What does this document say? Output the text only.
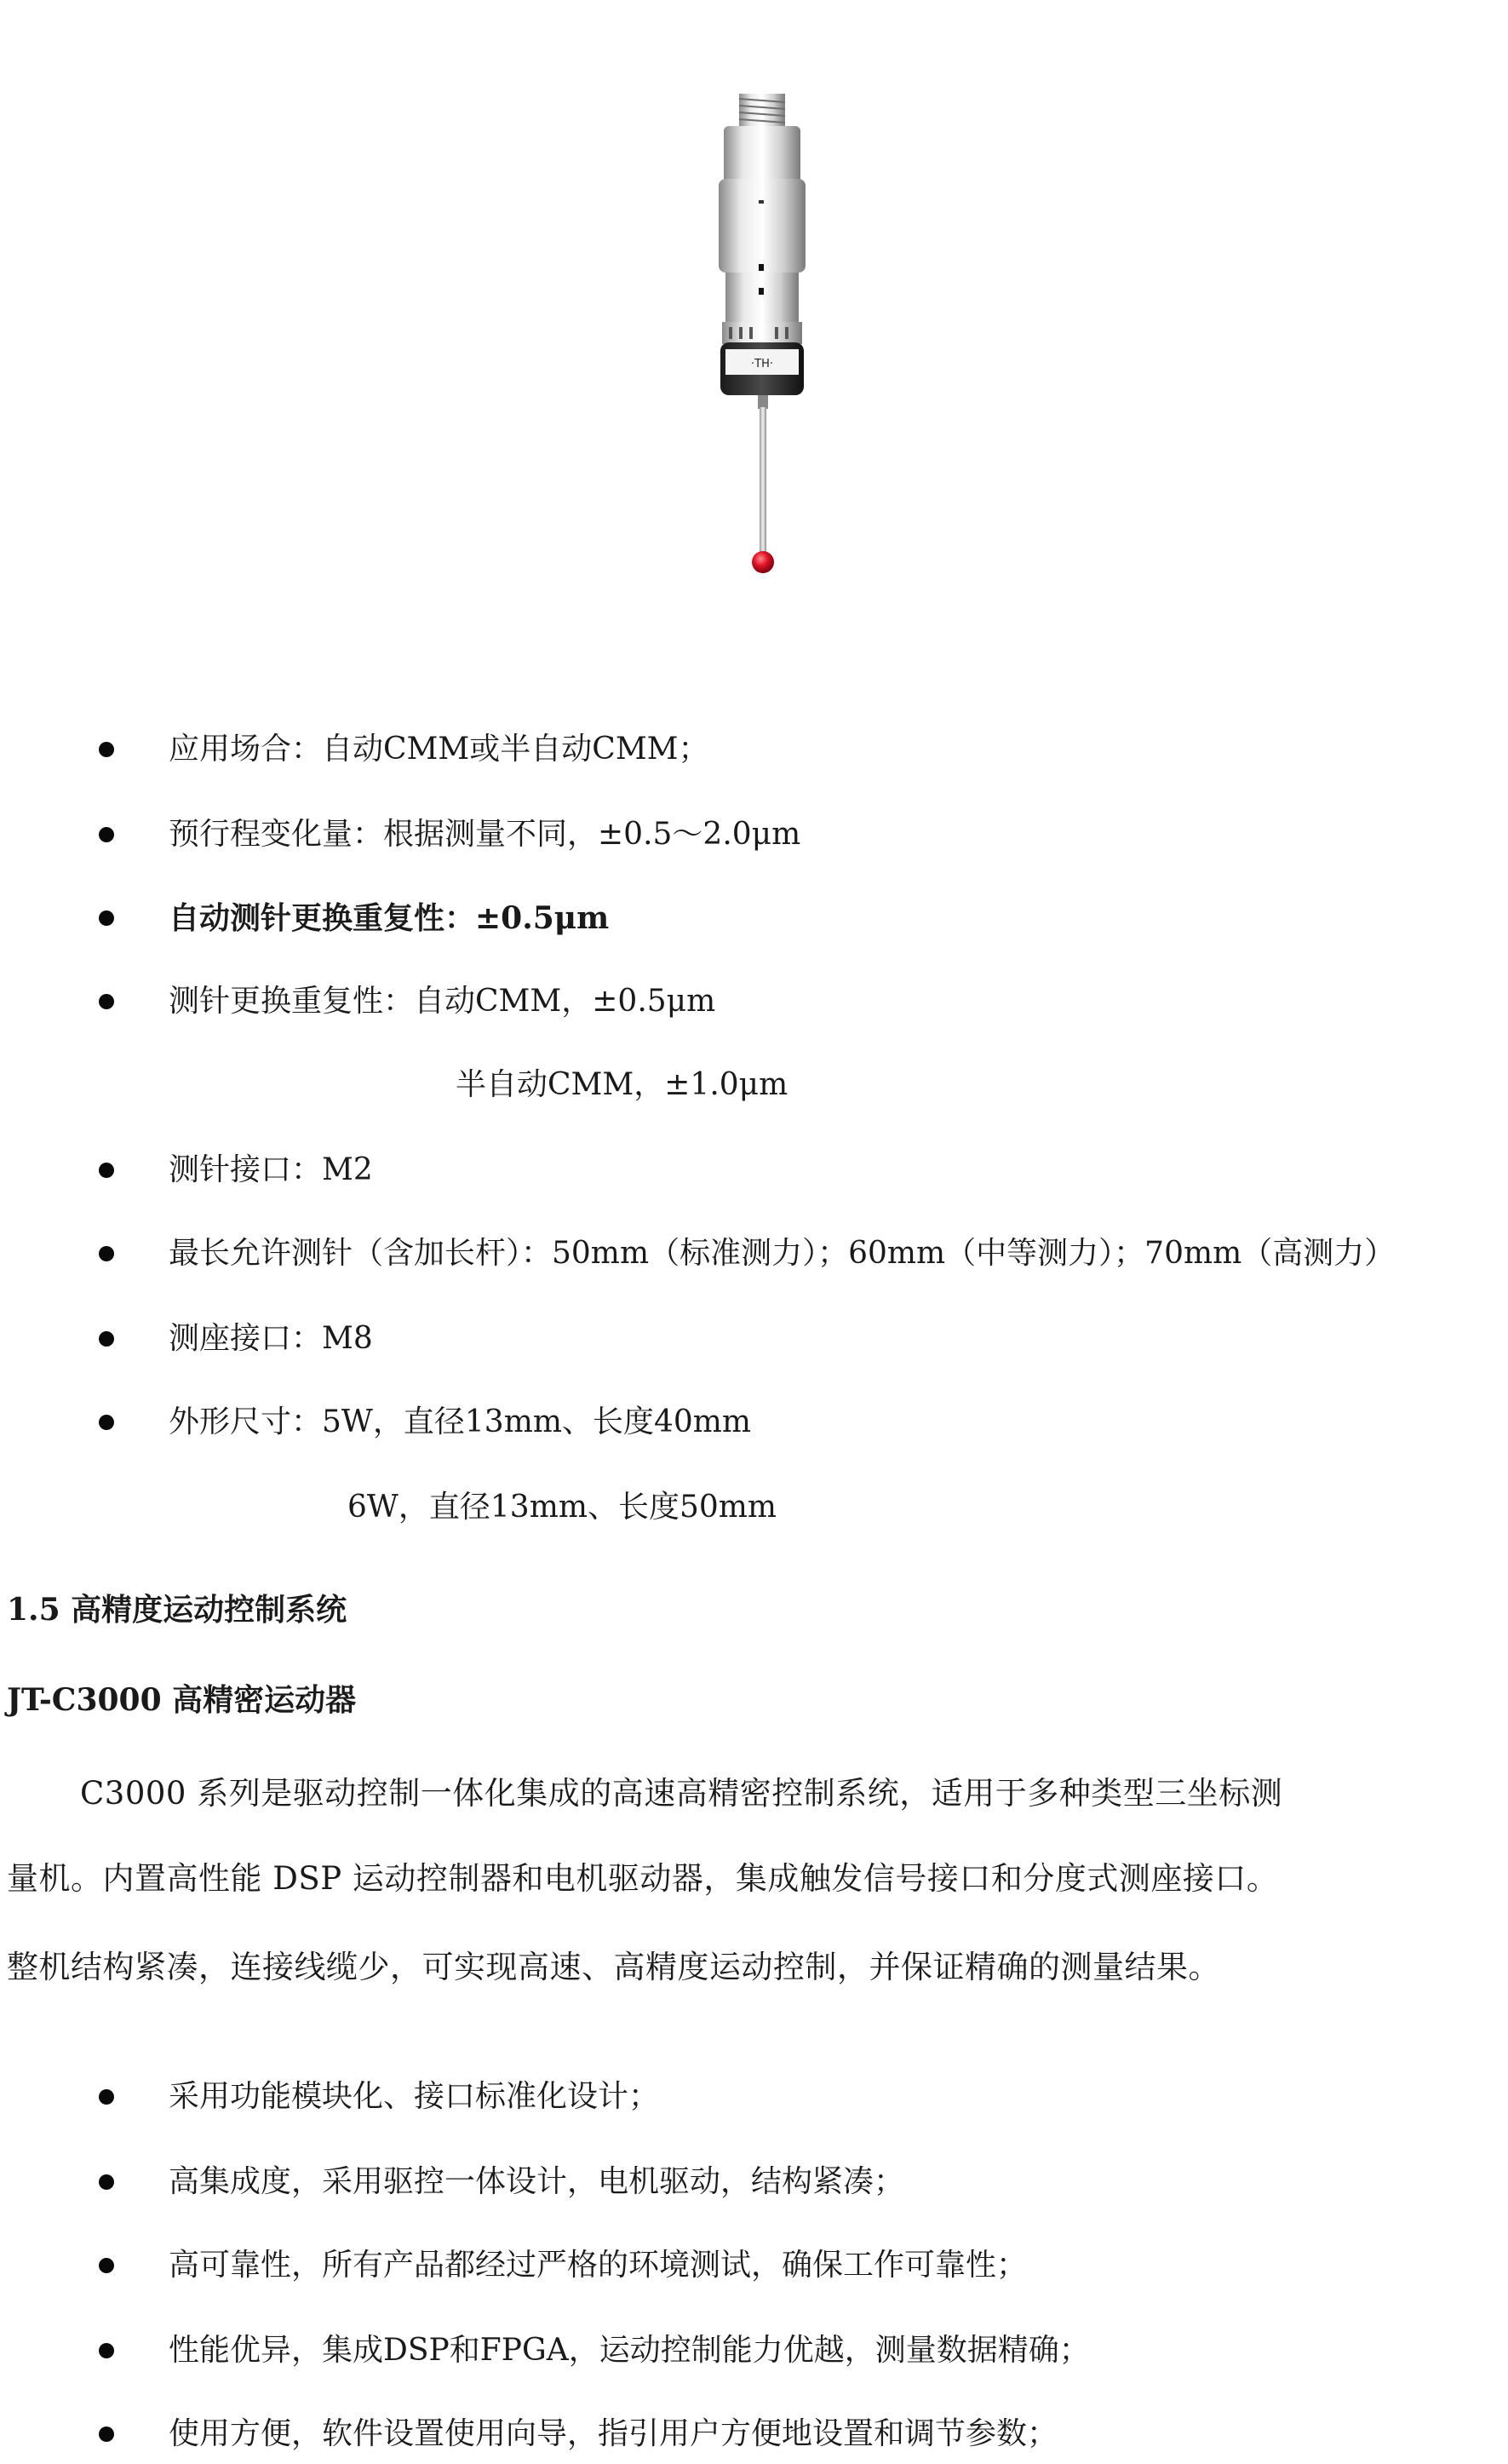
·TH·
应用场合：自动CMM或半自动CMM；
预行程变化量：根据测量不同，±0.5～2.0μm
自动测针更换重复性：±0.5μm
测针更换重复性：自动CMM，±0.5μm
半自动CMM，±1.0μm
测针接口：M2
最长允许测针（含加长杆）：50mm（标准测力）；60mm（中等测力）；70mm（高测力）
测座接口：M8
外形尺寸：5W，直径13mm、长度40mm
6W，直径13mm、长度50mm
1.5 高精度运动控制系统
JT-C3000 高精密运动器
C3000 系列是驱动控制一体化集成的高速高精密控制系统，适用于多种类型三坐标测
量机。内置高性能 DSP 运动控制器和电机驱动器，集成触发信号接口和分度式测座接口。
整机结构紧凑，连接线缆少，可实现高速、高精度运动控制，并保证精确的测量结果。
采用功能模块化、接口标准化设计；
高集成度，采用驱控一体设计，电机驱动，结构紧凑；
高可靠性，所有产品都经过严格的环境测试，确保工作可靠性；
性能优异，集成DSP和FPGA，运动控制能力优越，测量数据精确；
使用方便，软件设置使用向导，指引用户方便地设置和调节参数；
